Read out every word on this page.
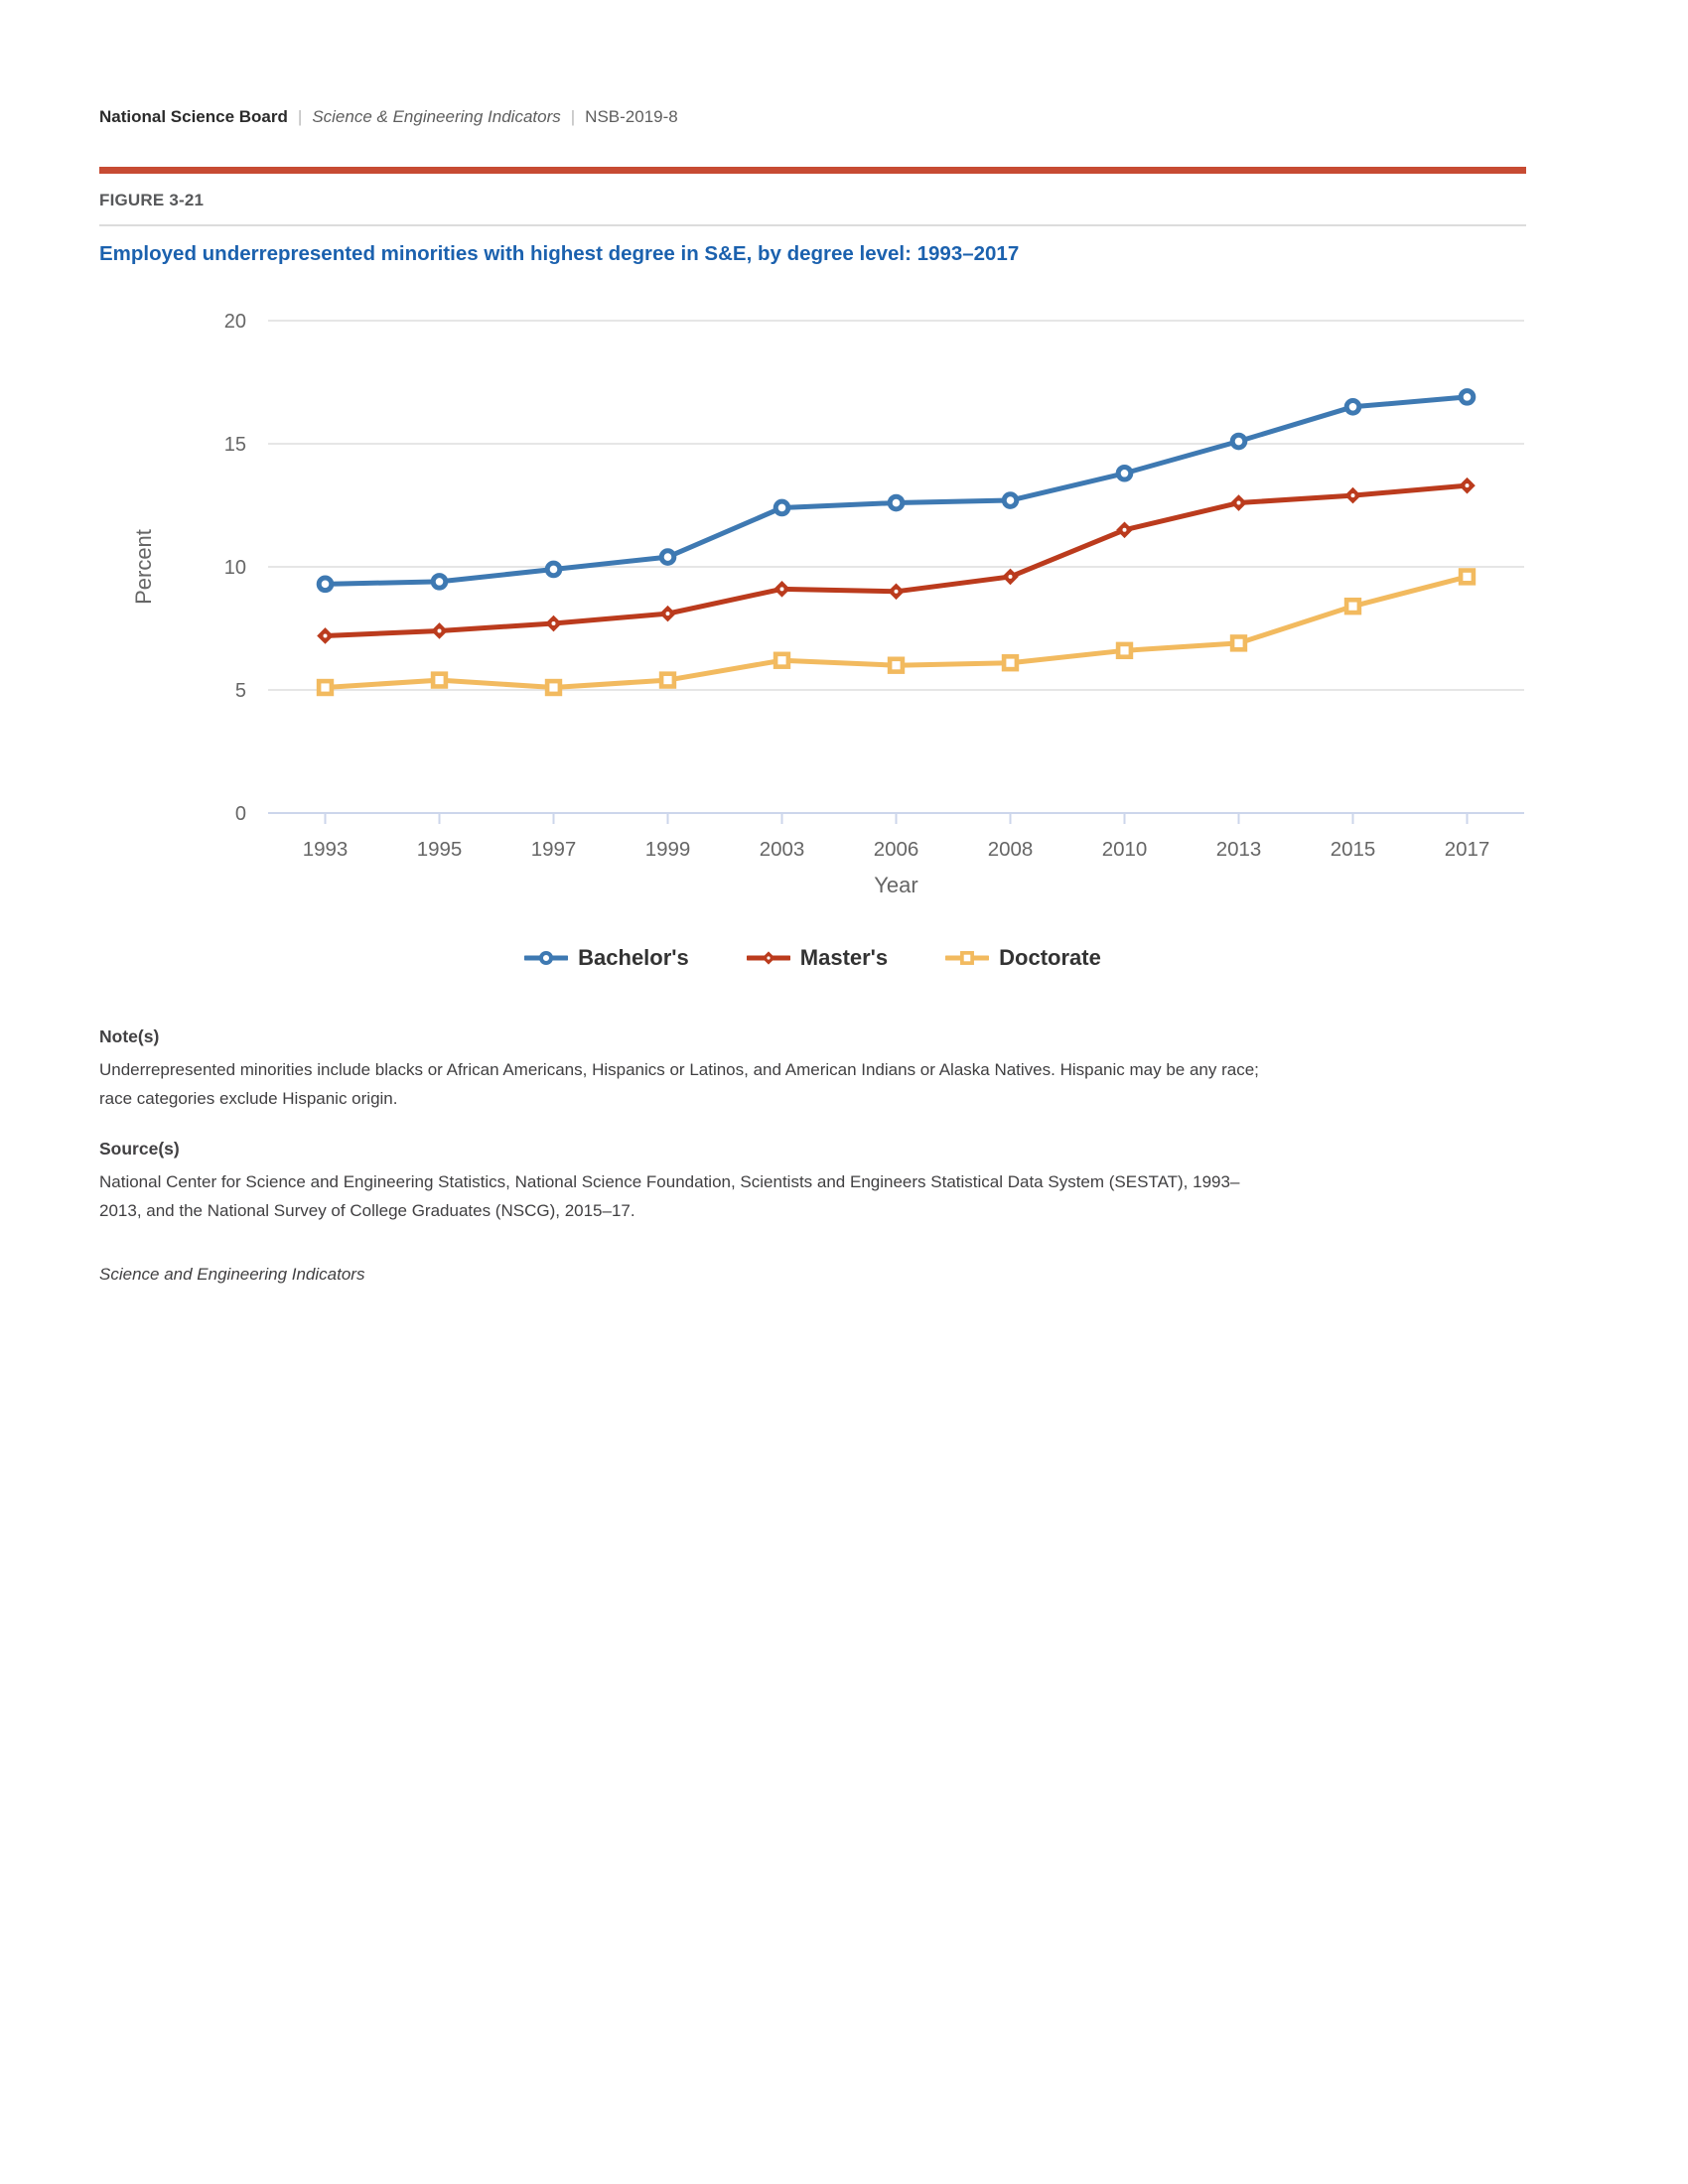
National Science Board | Science & Engineering Indicators | NSB-2019-8
FIGURE 3-21
Employed underrepresented minorities with highest degree in S&E, by degree level: 1993–2017
0
5
10
15
20
Percent
1993	1995	1997	1999	2003	2006	2008	2010	2013	2015	2017
Year
Bachelor's	Master's	Doctorate
Note(s)

Underrepresented minorities include blacks or African Americans, Hispanics or Latinos, and American Indians or Alaska Natives. Hispanic may be any race; race categories exclude Hispanic origin.

Source(s)

National Center for Science and Engineering Statistics, National Science Foundation, Scientists and Engineers Statistical Data System (SESTAT), 1993–2013, and the National Survey of College Graduates (NSCG), 2015–17.

Science and Engineering Indicators
